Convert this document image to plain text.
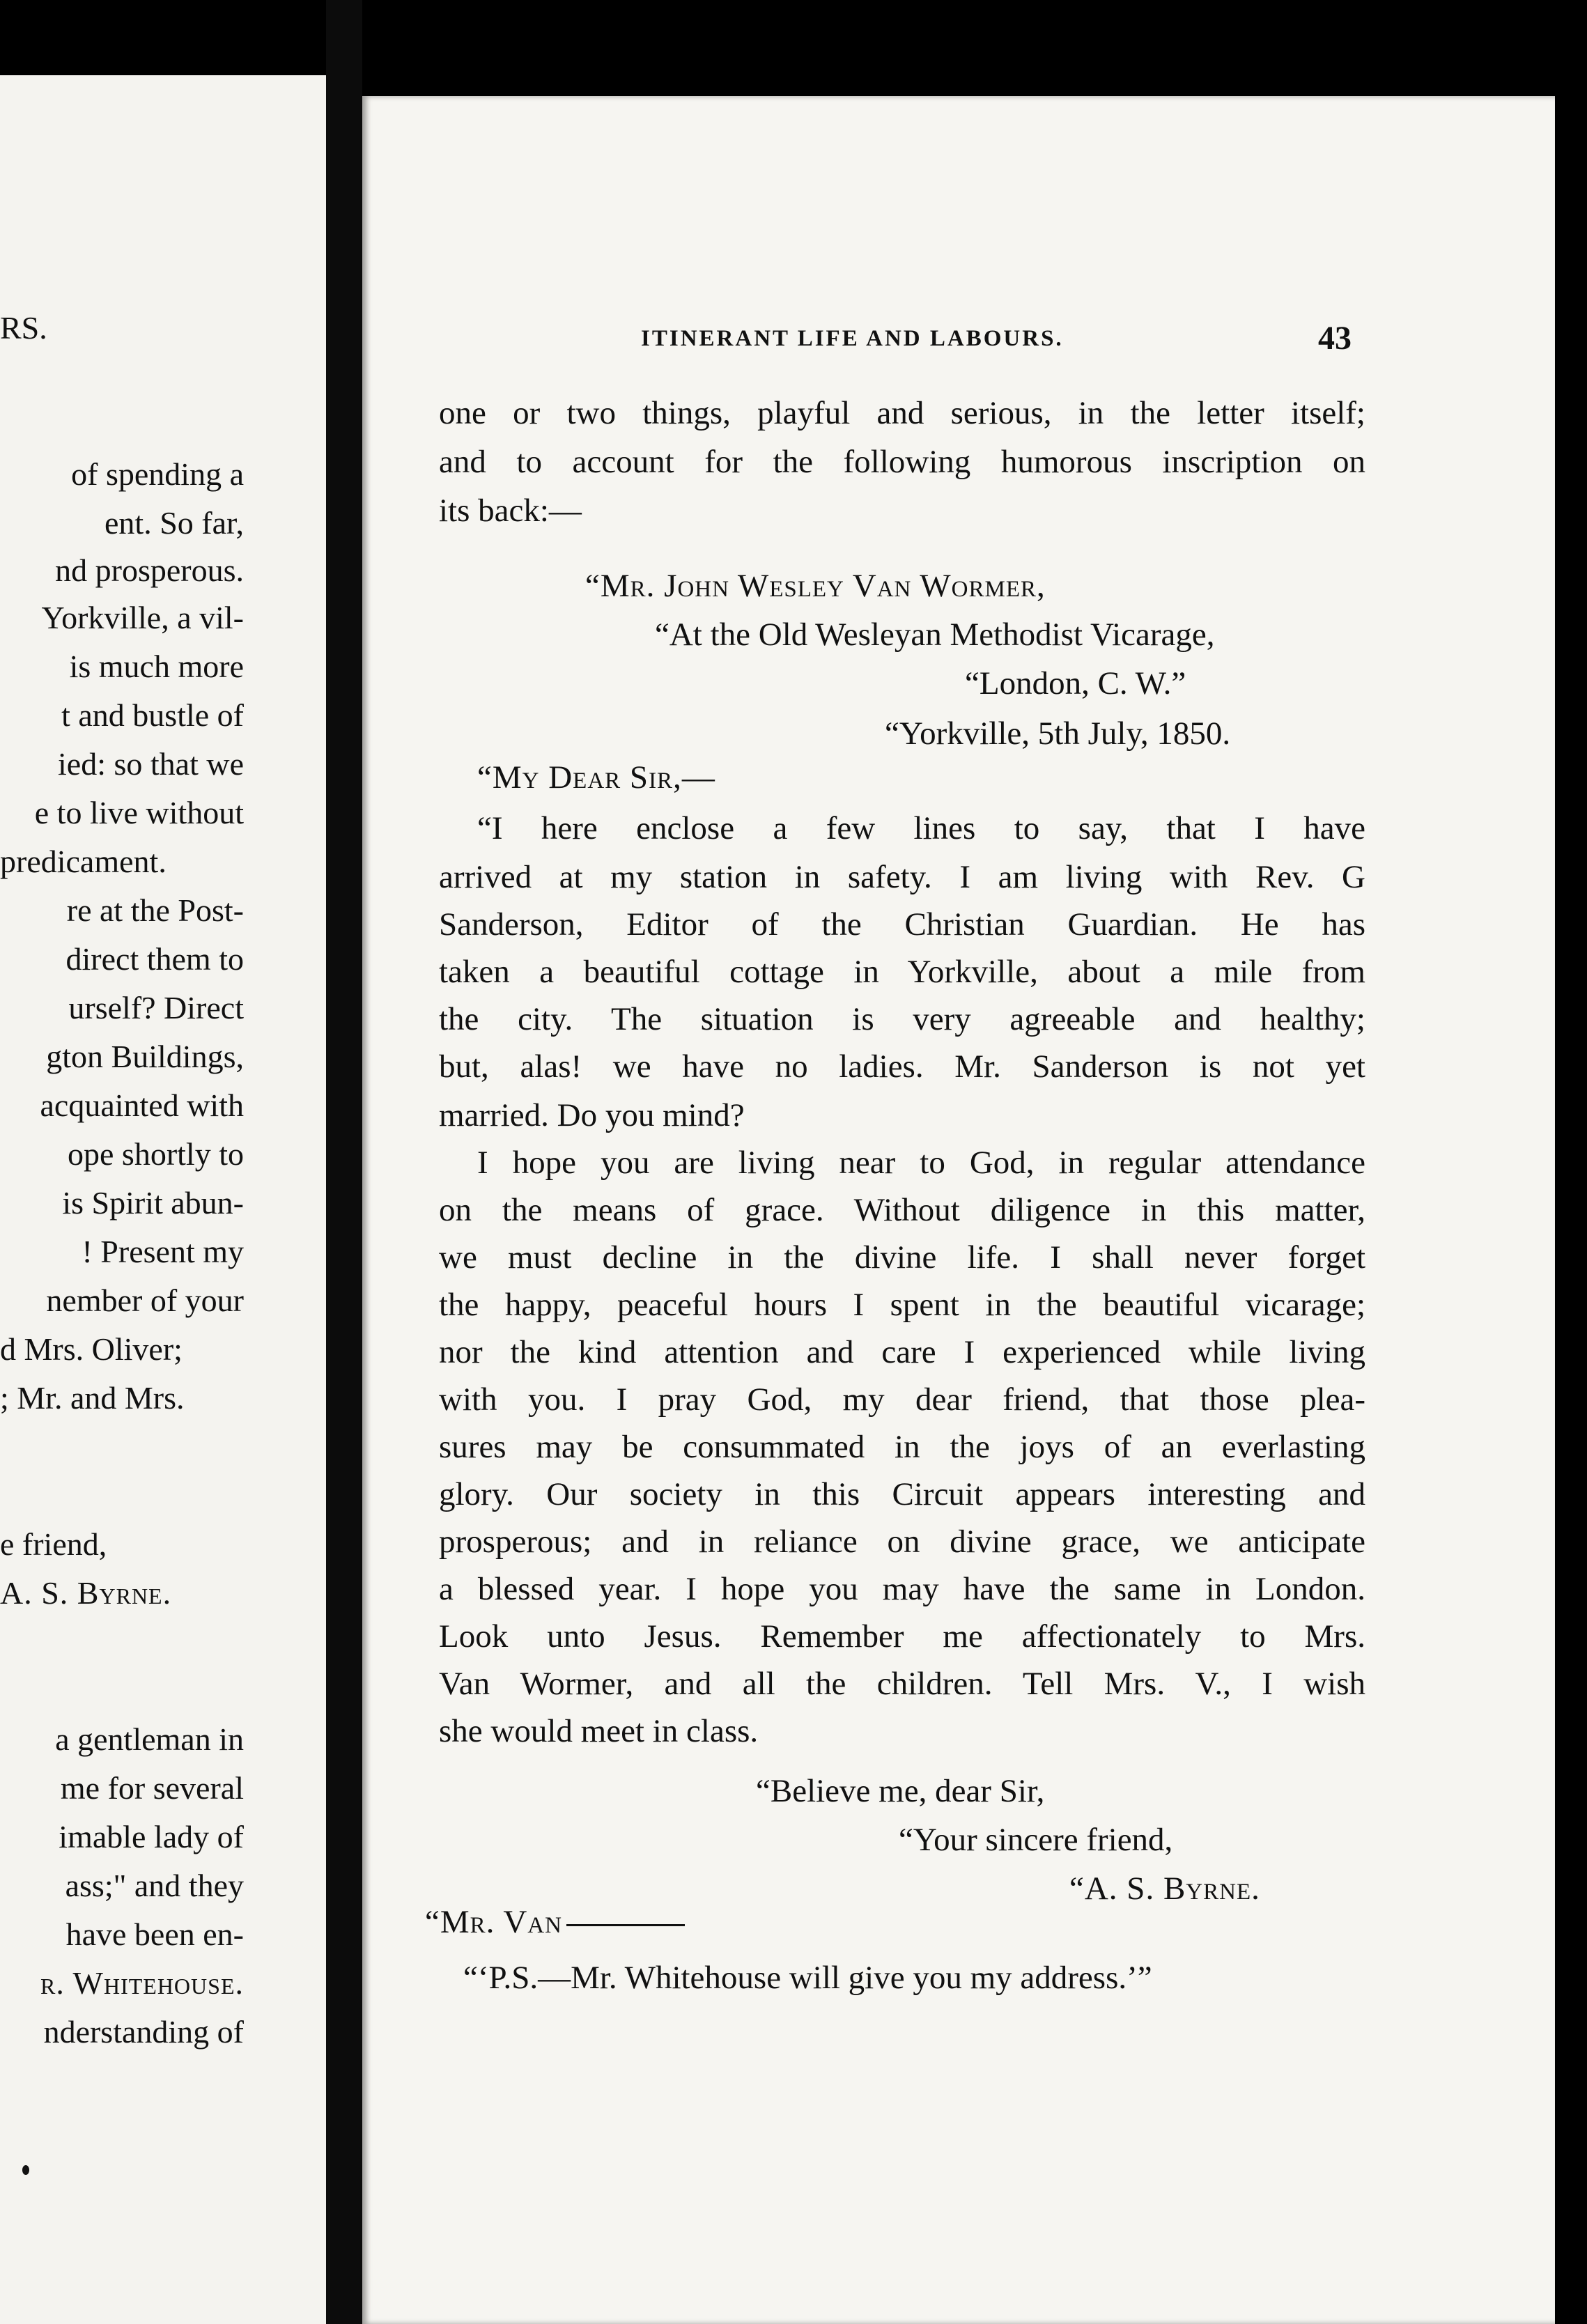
RS.
of spending a
ent. So far,
nd prosperous.
Yorkville, a vil-
is much more
t and bustle of
ied: so that we
e to live without
predicament.
re at the Post-
direct them to
urself? Direct
gton Buildings,
acquainted with
ope shortly to
is Spirit abun-
! Present my
nember of your
d Mrs. Oliver;
; Mr. and Mrs.
e friend,
A. S. Byrne.
a gentleman in
me for several
imable lady of
ass;" and they
have been en-
r. Whitehouse.
nderstanding of
ITINERANT LIFE AND LABOURS.	43
one or two things, playful and serious, in the letter itself;
and to account for the following humorous inscription on
its back:—
“Mr. John Wesley Van Wormer,
“At the Old Wesleyan Methodist Vicarage,
“London, C. W.”
“Yorkville, 5th July, 1850.
“My Dear Sir,—
“I here enclose a few lines to say, that I have
arrived at my station in safety. I am living with Rev. G
Sanderson, Editor of the Christian Guardian. He has
taken a beautiful cottage in Yorkville, about a mile from
the city. The situation is very agreeable and healthy;
but, alas! we have no ladies. Mr. Sanderson is not yet
married. Do you mind?
I hope you are living near to God, in regular attendance
on the means of grace. Without diligence in this matter,
we must decline in the divine life. I shall never forget
the happy, peaceful hours I spent in the beautiful vicarage;
nor the kind attention and care I experienced while living
with you. I pray God, my dear friend, that those plea-
sures may be consummated in the joys of an everlasting
glory. Our society in this Circuit appears interesting and
prosperous; and in reliance on divine grace, we anticipate
a blessed year. I hope you may have the same in London.
Look unto Jesus. Remember me affectionately to Mrs.
Van Wormer, and all the children. Tell Mrs. V., I wish
she would meet in class.
“Believe me, dear Sir,
“Your sincere friend,
“A. S. Byrne.
“Mr. Van
“‘P.S.—Mr. Whitehouse will give you my address.’”
